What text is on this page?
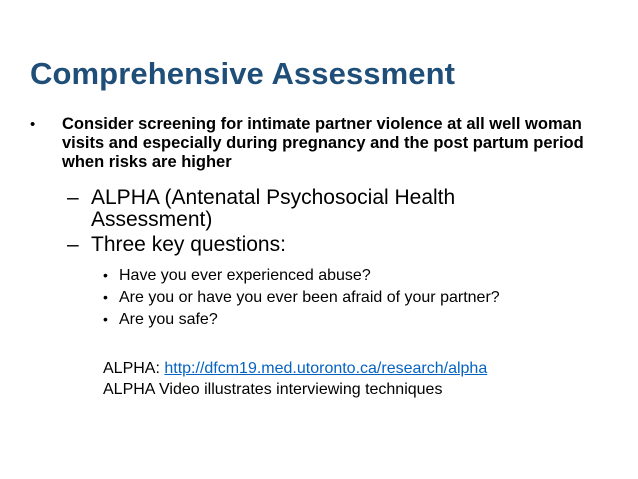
Comprehensive Assessment
• Consider screening for intimate partner violence at all well woman visits and especially during pregnancy and the post partum period when risks are higher
– ALPHA (Antenatal Psychosocial Health Assessment)
– Three key questions:
• Have you ever experienced abuse?
• Are you or have you ever been afraid of your partner?
• Are you safe?
ALPHA: http://dfcm19.med.utoronto.ca/research/alpha
ALPHA Video illustrates interviewing techniques
